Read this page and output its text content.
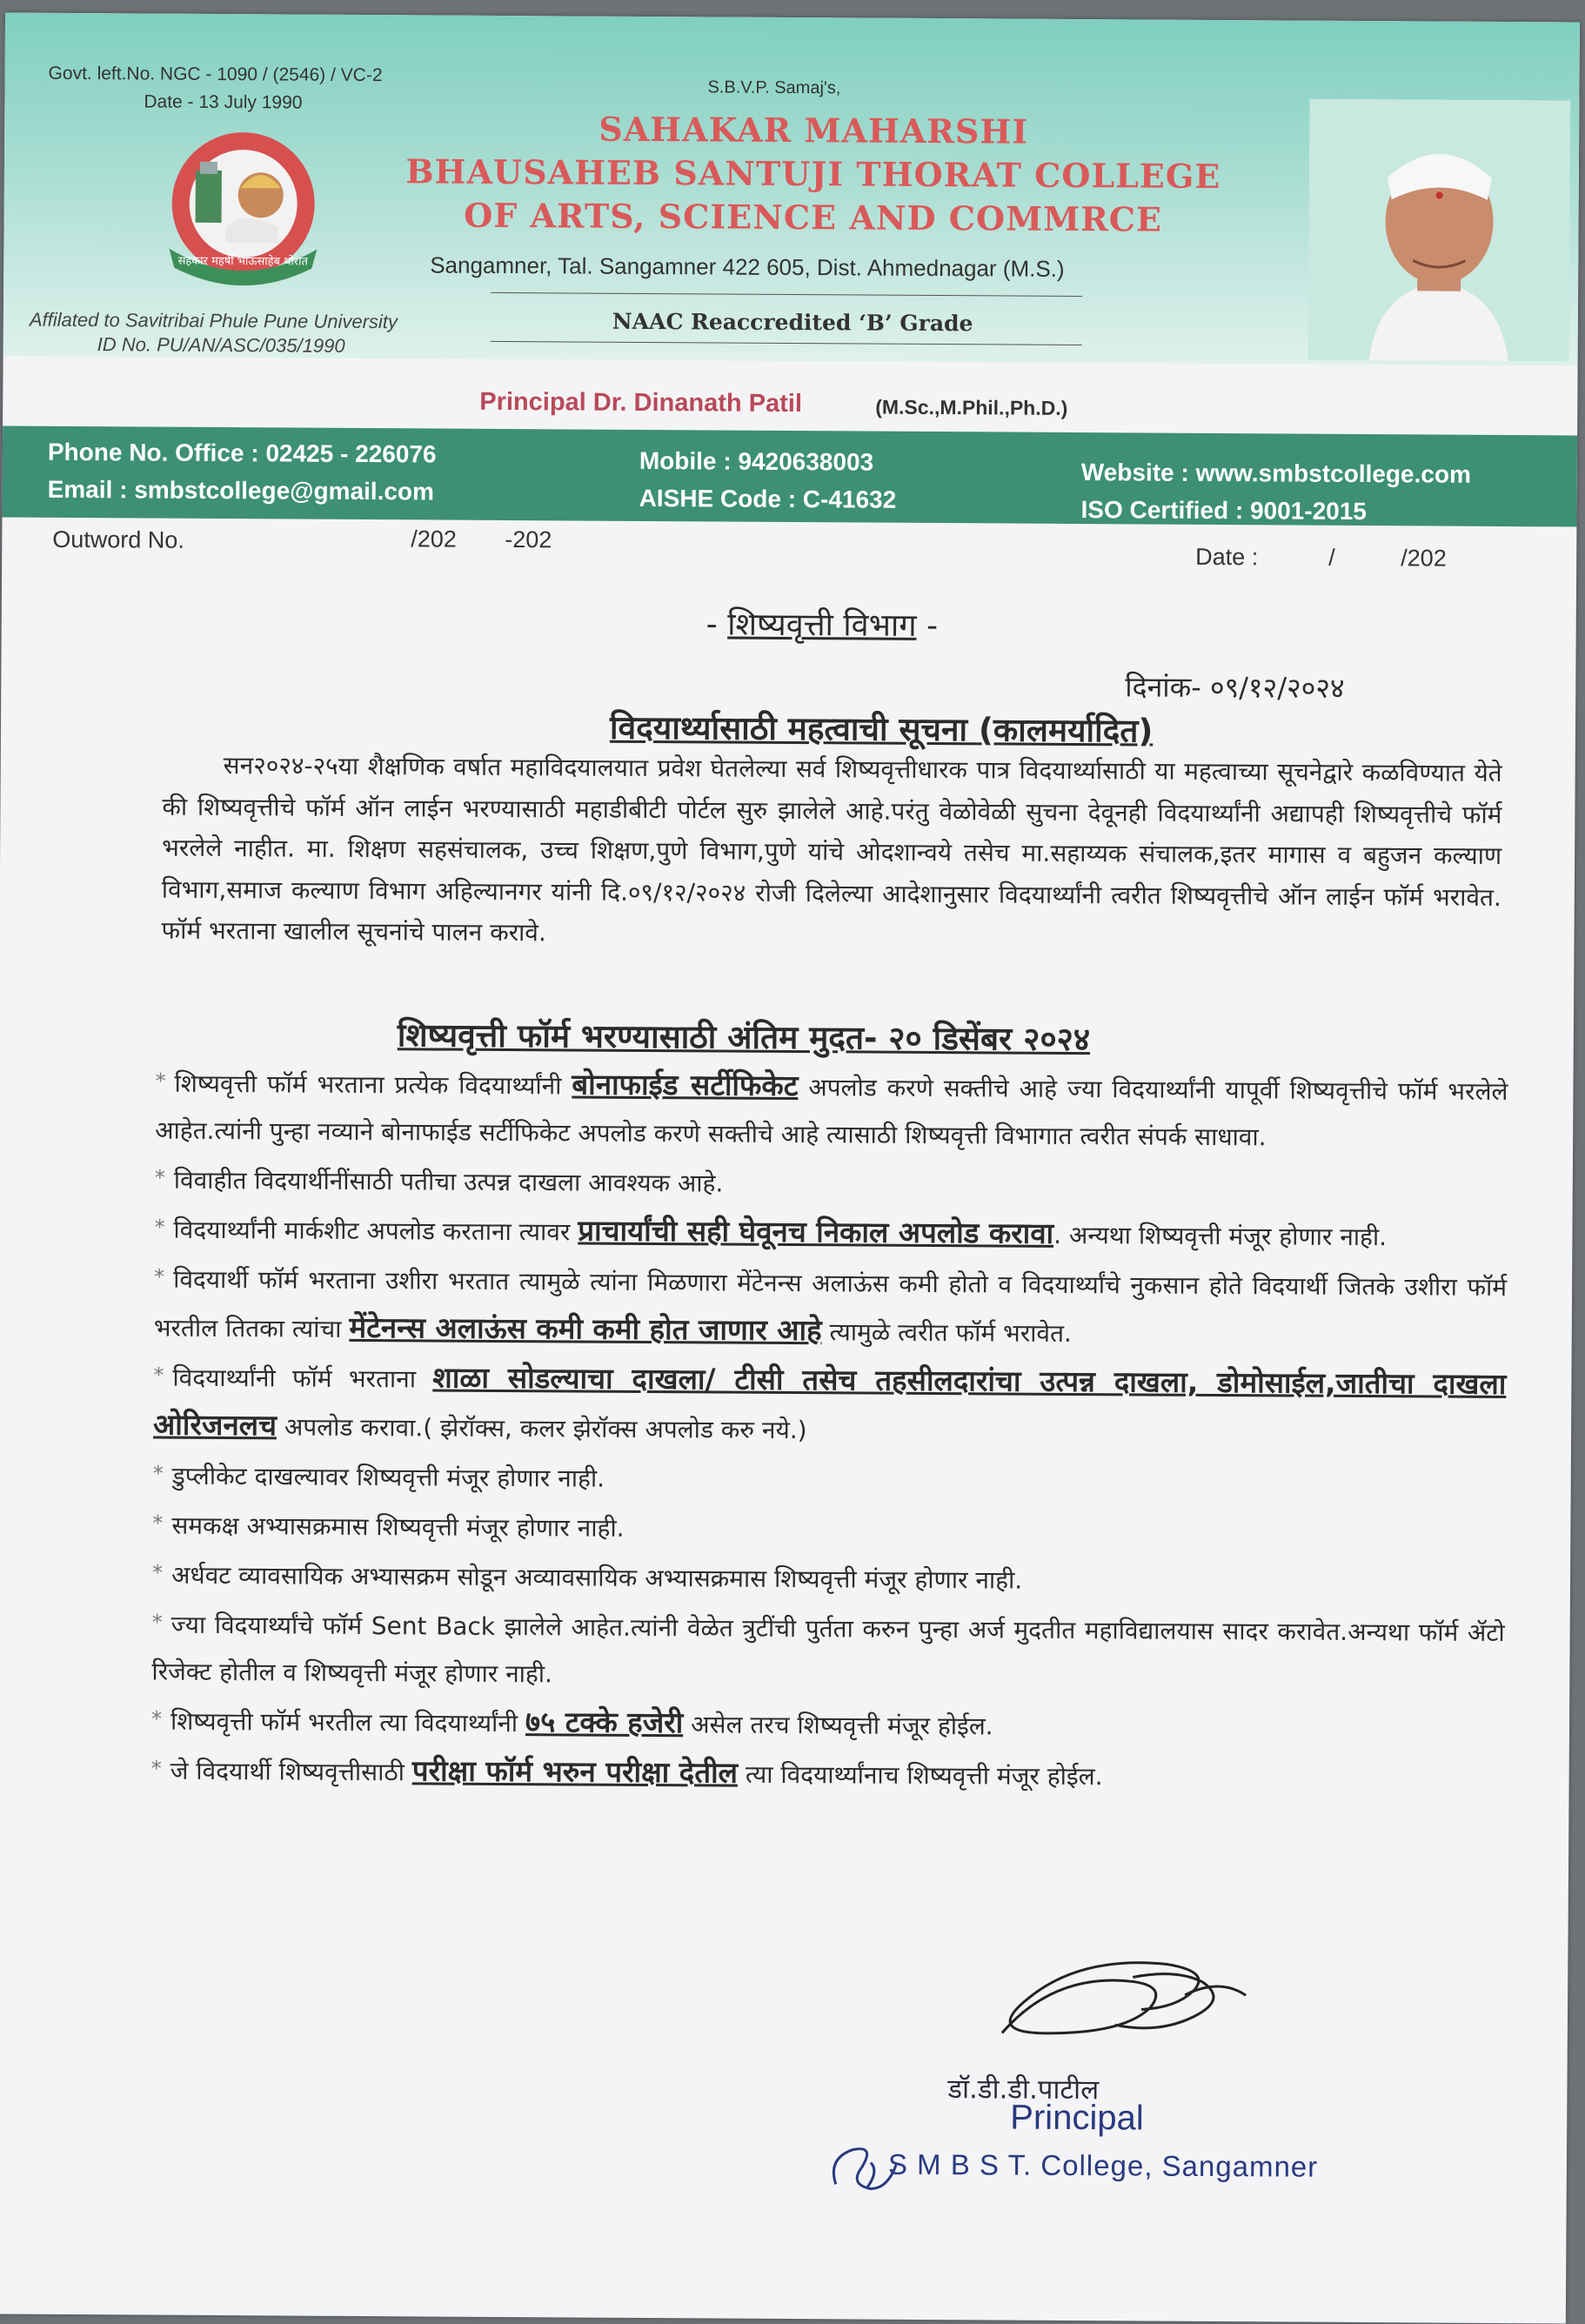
Govt. left.No. NGC - 1090 / (2546) / VC-2
Date - 13 July 1990
सहकार महर्षी भाऊसाहेब थोरात
Affilated to Savitribai Phule Pune University
ID No. PU/AN/ASC/035/1990
S.B.V.P. Samaj's,
SAHAKAR MAHARSHI
BHAUSAHEB SANTUJI THORAT COLLEGE
OF ARTS, SCIENCE AND COMMRCE
Sangamner, Tal. Sangamner 422 605, Dist. Ahmednagar (M.S.)
NAAC Reaccredited ‘B’ Grade
Principal Dr. Dinanath Patil	(M.Sc.,M.Phil.,Ph.D.)
Phone No. Office : 02425 - 226076
Email : smbstcollege@gmail.com
Mobile : 9420638003
AISHE Code : C-41632
Website : www.smbstcollege.com
ISO Certified : 9001-2015
Outword No.	/202 -202
Date :	/	/202
- शिष्यवृत्ती विभाग -
दिनांक- ०९/१२/२०२४
विदयार्थ्यासाठी महत्वाची सूचना (कालमर्यादित)
सन२०२४-२५या शैक्षणिक वर्षात महाविदयालयात प्रवेश घेतलेल्या सर्व शिष्यवृत्तीधारक पात्र विदयार्थ्यासाठी या महत्वाच्या सूचनेद्वारे कळविण्यात येते की शिष्यवृत्तीचे फॉर्म ऑन लाईन भरण्यासाठी महाडीबीटी पोर्टल सुरु झालेले आहे.परंतु वेळोवेळी सुचना देवूनही विदयार्थ्यांनी अद्यापही शिष्यवृत्तीचे फॉर्म भरलेले नाहीत. मा. शिक्षण सहसंचालक, उच्च शिक्षण,पुणे विभाग,पुणे यांचे ओदशान्वये तसेच मा.सहाय्यक संचालक,इतर मागास व बहुजन कल्याण विभाग,समाज कल्याण विभाग अहिल्यानगर यांनी दि.०९/१२/२०२४ रोजी दिलेल्या आदेशानुसार विदयार्थ्यांनी त्वरीत शिष्यवृत्तीचे ऑन लाईन फॉर्म भरावेत. फॉर्म भरताना खालील सूचनांचे पालन करावे.
शिष्यवृत्ती फॉर्म भरण्यासाठी अंतिम मुदत- २० डिसेंबर २०२४
* शिष्यवृत्ती फॉर्म भरताना प्रत्येक विदयार्थ्यांनी बोनाफाईड सर्टीफिकेट अपलोड करणे सक्तीचे आहे ज्या विदयार्थ्यांनी यापूर्वी शिष्यवृत्तीचे फॉर्म भरलेले आहेत.त्यांनी पुन्हा नव्याने बोनाफाईड सर्टीफिकेट अपलोड करणे सक्तीचे आहे त्यासाठी शिष्यवृत्ती विभागात त्वरीत संपर्क साधावा.
* विवाहीत विदयार्थीनींसाठी पतीचा उत्पन्न दाखला आवश्यक आहे.
* विदयार्थ्यांनी मार्कशीट अपलोड करताना त्यावर प्राचार्यांची सही घेवूनच निकाल अपलोड करावा. अन्यथा शिष्यवृत्ती मंजूर होणार नाही.
* विदयार्थी फॉर्म भरताना उशीरा भरतात त्यामुळे त्यांना मिळणारा मेंटेनन्स अलाऊंस कमी होतो व विदयार्थ्यांचे नुकसान होते विदयार्थी जितके उशीरा फॉर्म भरतील तितका त्यांचा मेंटेनन्स अलाऊंस कमी कमी होत जाणार आहे त्यामुळे त्वरीत फॉर्म भरावेत.
* विदयार्थ्यांनी फॉर्म भरताना शाळा सोडल्याचा दाखला/ टीसी तसेच तहसीलदारांचा उत्पन्न दाखला, डोमोसाईल,जातीचा दाखला ओरिजनलच अपलोड करावा.( झेरॉक्स, कलर झेरॉक्स अपलोड करु नये.)
* डुप्लीकेट दाखल्यावर शिष्यवृत्ती मंजूर होणार नाही.
* समकक्ष अभ्यासक्रमास शिष्यवृत्ती मंजूर होणार नाही.
* अर्धवट व्यावसायिक अभ्यासक्रम सोडून अव्यावसायिक अभ्यासक्रमास शिष्यवृत्ती मंजूर होणार नाही.
* ज्या विदयार्थ्यांचे फॉर्म Sent Back झालेले आहेत.त्यांनी वेळेत त्रुटींची पुर्तता करुन पुन्हा अर्ज मुदतीत महाविद्यालयास सादर करावेत.अन्यथा फॉर्म ॲटो रिजेक्ट होतील व शिष्यवृत्ती मंजूर होणार नाही.
* शिष्यवृत्ती फॉर्म भरतील त्या विदयार्थ्यांनी ७५ टक्के हजेरी असेल तरच शिष्यवृत्ती मंजूर होईल.
* जे विदयार्थी शिष्यवृत्तीसाठी परीक्षा फॉर्म भरुन परीक्षा देतील त्या विदयार्थ्यांनाच शिष्यवृत्ती मंजूर होईल.
डॉ.डी.डी.पाटील
Principal
S M B S T. College, Sangamner
